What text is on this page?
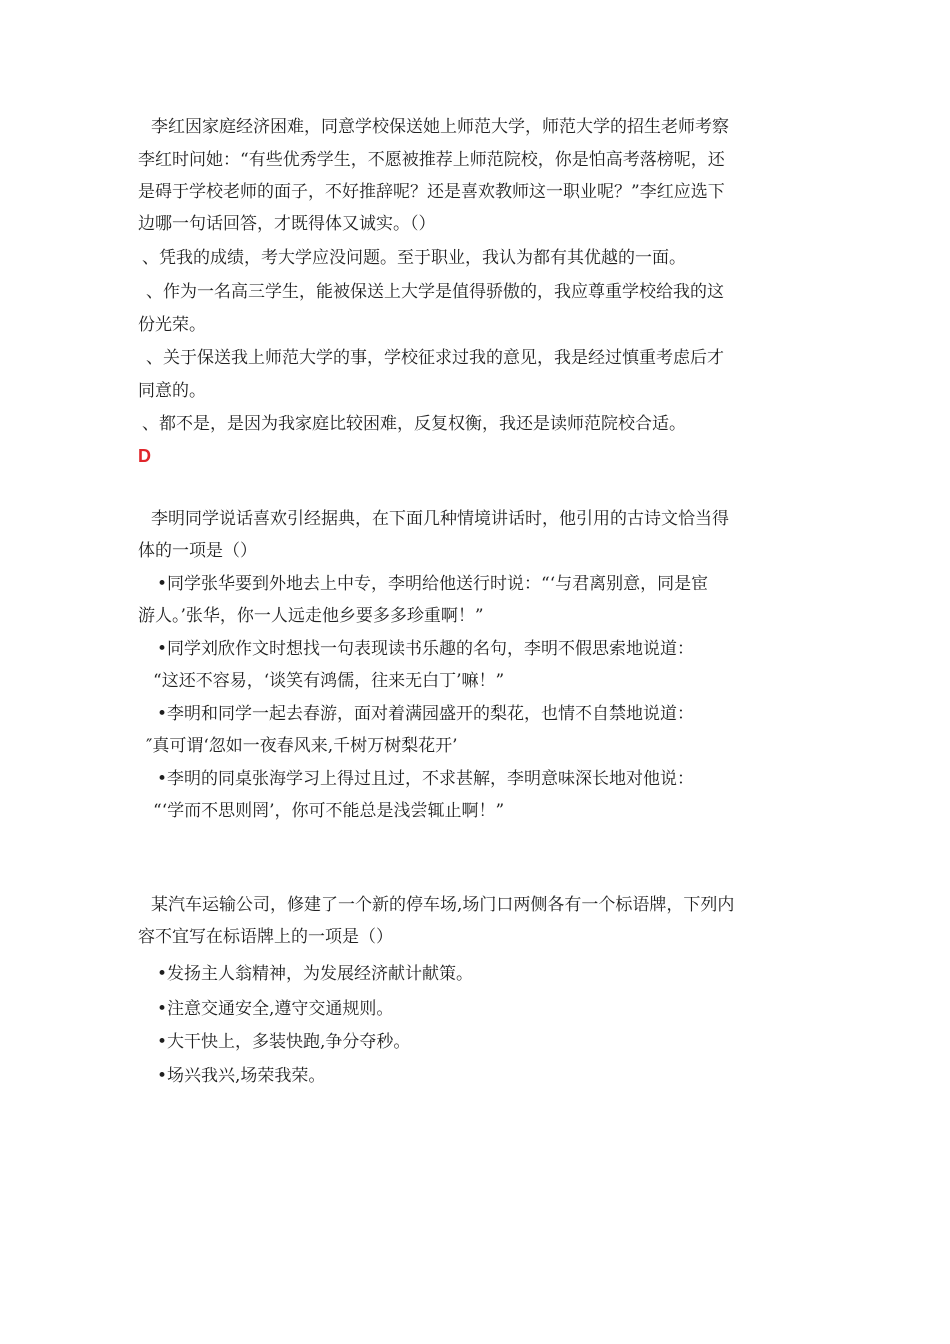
李红因家庭经济困难，同意学校保送她上师范大学，师范大学的招生老师考察
李红时问她：“有些优秀学生，不愿被推荐上师范院校，你是怕高考落榜呢，还
是碍于学校老师的面子，不好推辞呢？还是喜欢教师这一职业呢？”李红应选下
边哪一句话回答，才既得体又诚实。（）
、凭我的成绩，考大学应没问题。至于职业，我认为都有其优越的一面。
、作为一名高三学生，能被保送上大学是值得骄傲的，我应尊重学校给我的这
份光荣。
、关于保送我上师范大学的事，学校征求过我的意见，我是经过慎重考虑后才
同意的。
、都不是，是因为我家庭比较困难，反复权衡，我还是读师范院校合适。
D
李明同学说话喜欢引经据典，在下面几种情境讲话时，他引用的古诗文恰当得
体的一项是（）
•同学张华要到外地去上中专，李明给他送行时说：“‘与君离别意，同是宦
游人。’张华，你一人远走他乡要多多珍重啊！”
•同学刘欣作文时想找一句表现读书乐趣的名句，李明不假思索地说道：
“这还不容易，‘谈笑有鸿儒，往来无白丁’嘛！”
•李明和同学一起去春游，面对着满园盛开的梨花，也情不自禁地说道：
″真可谓‘忽如一夜春风来,千树万树梨花开’
•李明的同桌张海学习上得过且过，不求甚解，李明意味深长地对他说：
“‘学而不思则罔’，你可不能总是浅尝辄止啊！”
某汽车运输公司，修建了一个新的停车场,场门口两侧各有一个标语牌，下列内
容不宜写在标语牌上的一项是（）
•发扬主人翁精神，为发展经济献计献策。
•注意交通安全,遵守交通规则。
•大干快上，多装快跑,争分夺秒。
•场兴我兴,场荣我荣。
